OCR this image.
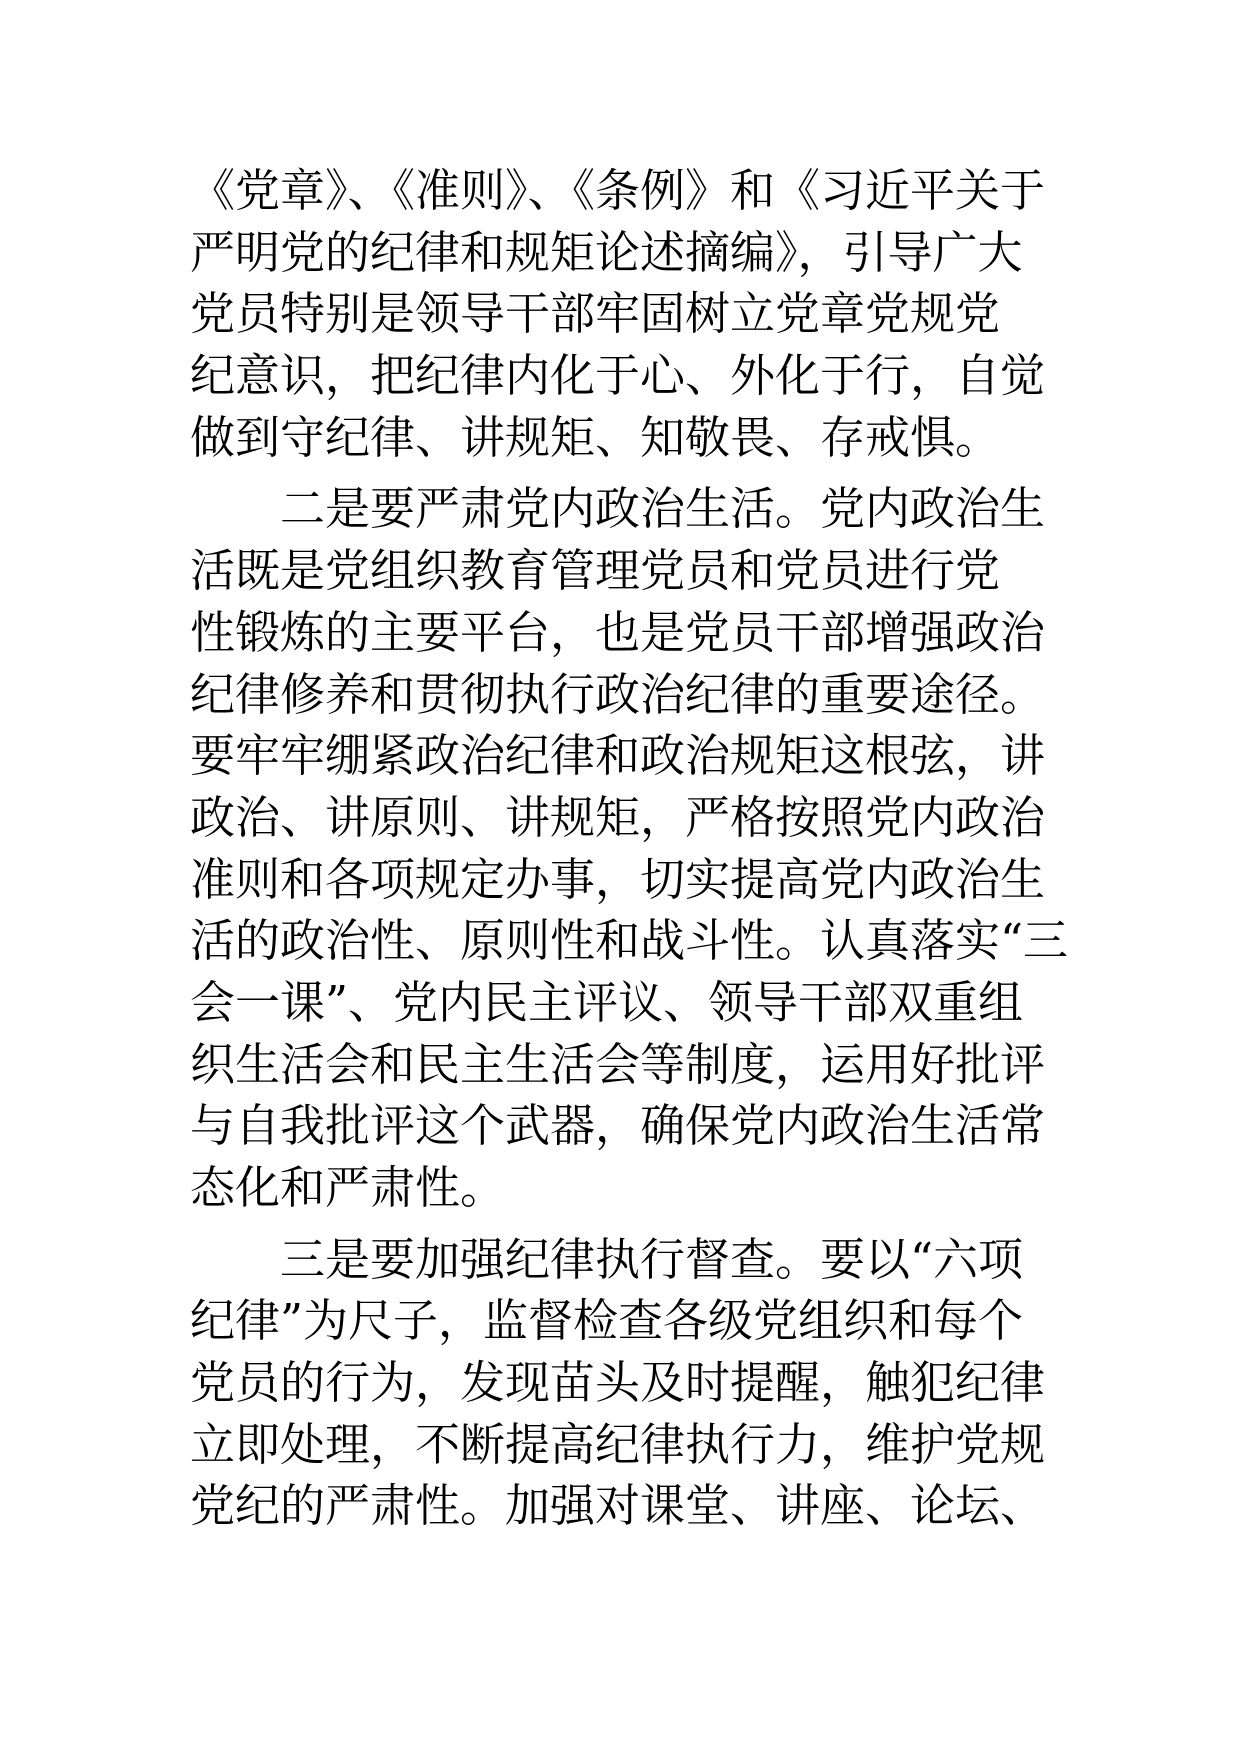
《党章》、《准则》、《条例》和《习近平关于
严明党的纪律和规矩论述摘编》，引导广大
党员特别是领导干部牢固树立党章党规党
纪意识，把纪律内化于心、外化于行，自觉
做到守纪律、讲规矩、知敬畏、存戒惧。
二是要严肃党内政治生活。党内政治生
活既是党组织教育管理党员和党员进行党
性锻炼的主要平台，也是党员干部增强政治
纪律修养和贯彻执行政治纪律的重要途径。
要牢牢绷紧政治纪律和政治规矩这根弦，讲
政治、讲原则、讲规矩，严格按照党内政治
准则和各项规定办事，切实提高党内政治生
活的政治性、原则性和战斗性。认真落实“三
会一课”、党内民主评议、领导干部双重组
织生活会和民主生活会等制度，运用好批评
与自我批评这个武器，确保党内政治生活常
态化和严肃性。
三是要加强纪律执行督查。要以“六项
纪律”为尺子，监督检查各级党组织和每个
党员的行为，发现苗头及时提醒，触犯纪律
立即处理，不断提高纪律执行力，维护党规
党纪的严肃性。加强对课堂、讲座、论坛、
